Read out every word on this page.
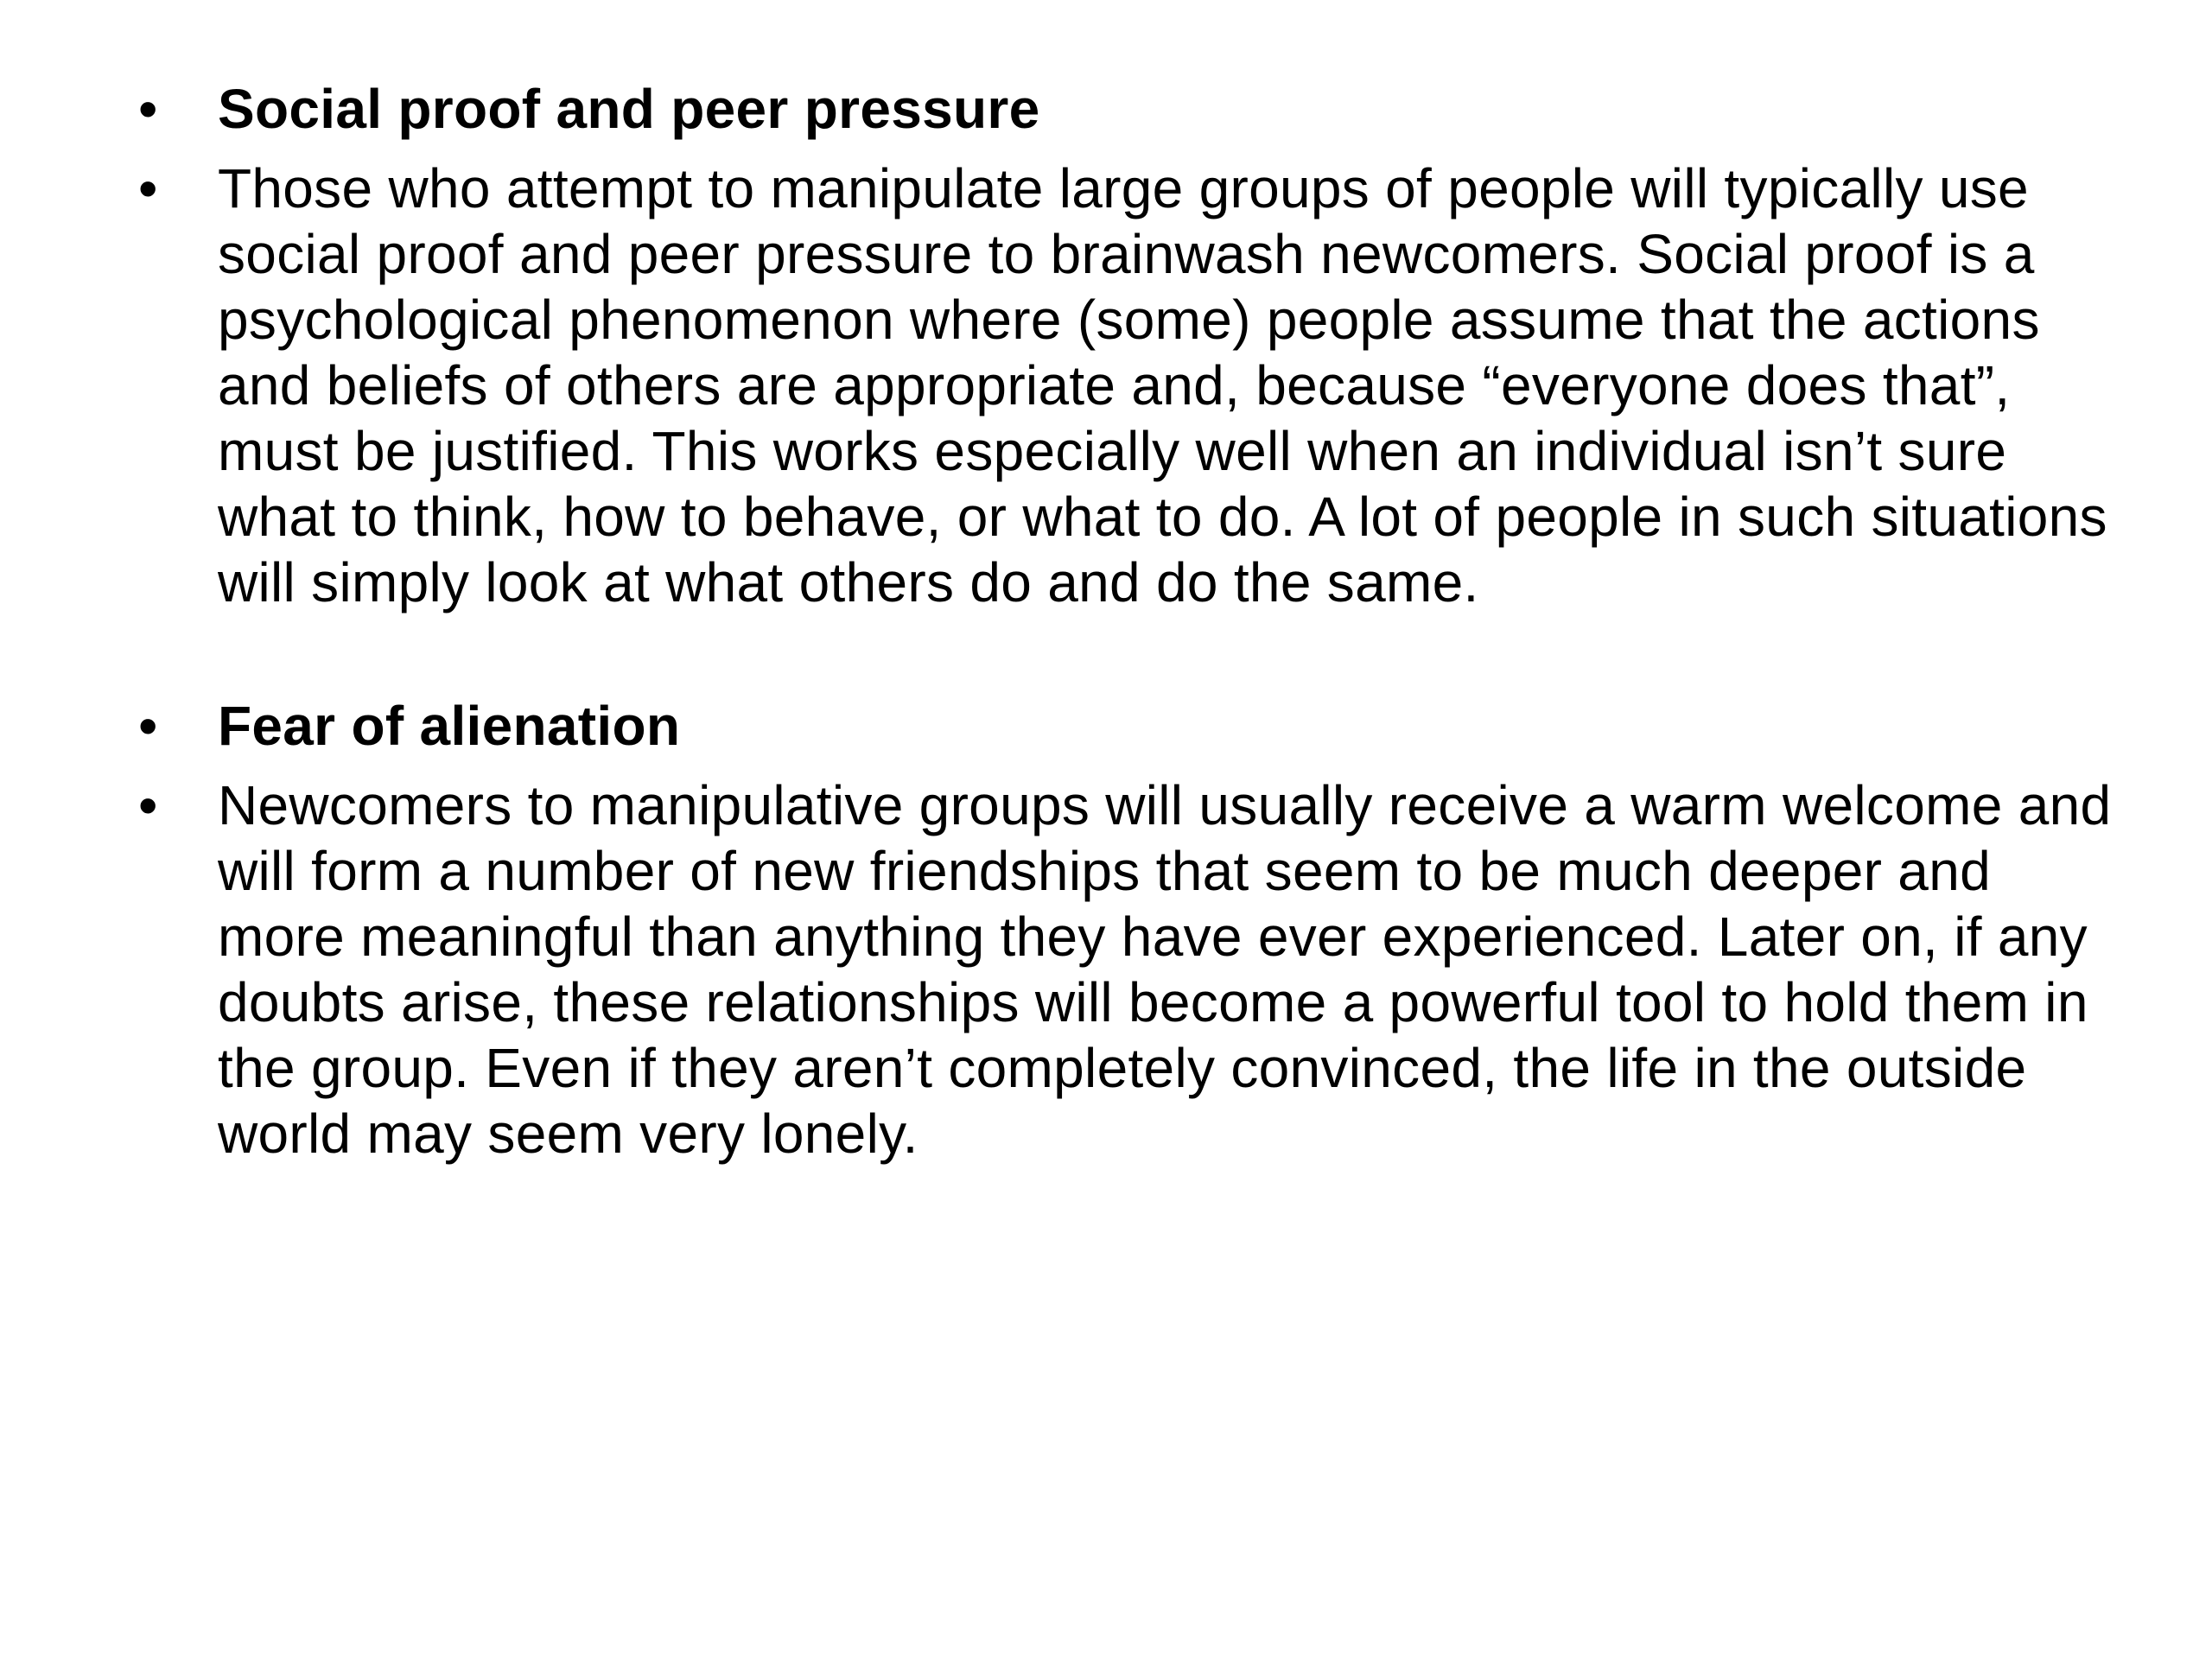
• Social proof and peer pressure
• Those who attempt to manipulate large groups of people will typically use social proof and peer pressure to brainwash newcomers. Social proof is a psychological phenomenon where (some) people assume that the actions and beliefs of others are appropriate and, because “everyone does that”, must be justified. This works especially well when an individual isn’t sure what to think, how to behave, or what to do. A lot of people in such situations will simply look at what others do and do the same.
• Fear of alienation
• Newcomers to manipulative groups will usually receive a warm welcome and will form a number of new friendships that seem to be much deeper and more meaningful than anything they have ever experienced. Later on, if any doubts arise, these relationships will become a powerful tool to hold them in the group. Even if they aren’t completely convinced, the life in the outside world may seem very lonely.
